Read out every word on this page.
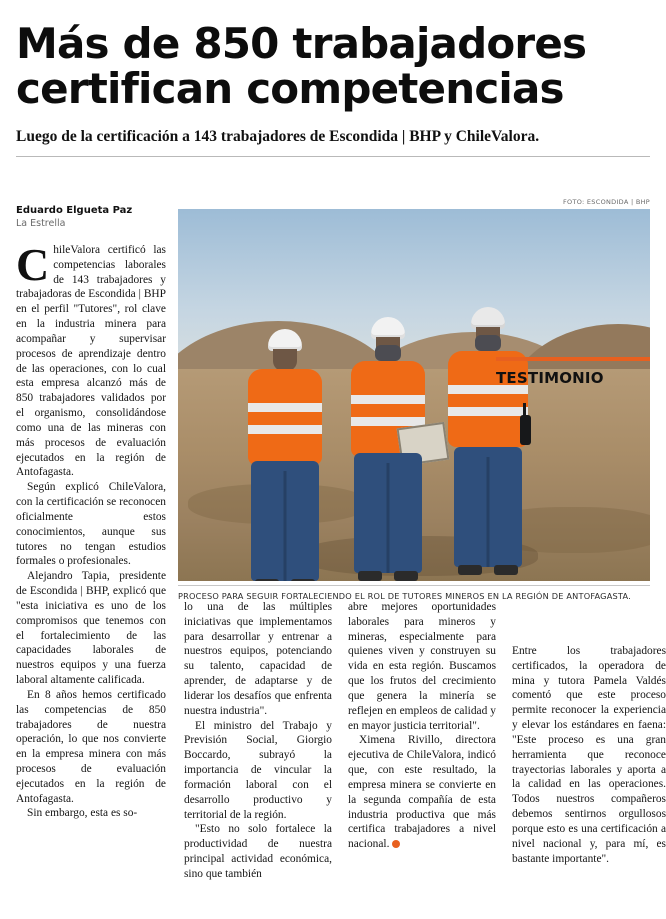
Más de 850 trabajadores
certifican competencias
Luego de la certificación a 143 trabajadores de Escondida | BHP y ChileValora.
Eduardo Elgueta Paz
La Estrella
FOTO: ESCONDIDA | BHP
PROCESO PARA SEGUIR FORTALECIENDO EL ROL DE TUTORES MINEROS EN LA REGIÓN DE ANTOFAGASTA.

ChileValora certificó las competencias laborales de 143 trabajadores y trabajadoras de Escondida | BHP en el perfil "Tutores", rol clave en la industria minera para acompañar y supervisar procesos de aprendizaje dentro de las operaciones, con lo cual esta empresa alcanzó más de 850 trabajadores validados por el organismo, consolidándose como una de las mineras con más procesos de evaluación ejecutados en la región de Antofagasta.

Según explicó ChileValora, con la certificación se reconocen oficialmente estos conocimientos, aunque sus tutores no tengan estudios formales o profesionales.

Alejandro Tapia, presidente de Escondida | BHP, explicó que "esta iniciativa es uno de los compromisos que tenemos con el fortalecimiento de las capacidades laborales de nuestros equipos y una fuerza laboral altamente calificada.

En 8 años hemos certificado las competencias de 850 trabajadores de nuestra operación, lo que nos convierte en la empresa minera con más procesos de evaluación ejecutados en la región de Antofagasta.

Sin embargo, esta es so-

lo una de las múltiples iniciativas que implementamos para desarrollar y entrenar a nuestros equipos, potenciando su talento, capacidad de aprender, de adaptarse y de liderar los desafíos que enfrenta nuestra industria".

El ministro del Trabajo y Previsión Social, Giorgio Boccardo, subrayó la importancia de vincular la formación laboral con el desarrollo productivo y territorial de la región.

"Esto no solo fortalece la productividad de nuestra principal actividad económica, sino que también

abre mejores oportunidades laborales para mineros y mineras, especialmente para quienes viven y construyen su vida en esta región. Buscamos que los frutos del crecimiento que genera la minería se reflejen en empleos de calidad y en mayor justicia territorial".

Ximena Rivillo, directora ejecutiva de ChileValora, indicó que, con este resultado, la empresa minera se convierte en la segunda compañía de esta industria productiva que más certifica trabajadores a nivel nacional.

Entre los trabajadores certificados, la operadora de mina y tutora Pamela Valdés comentó que este proceso permite reconocer la experiencia y elevar los estándares en faena: "Este proceso es una gran herramienta que reconoce trayectorias laborales y aporta a la calidad en las operaciones. Todos nuestros compañeros debemos sentirnos orgullosos porque esto es una certificación a nivel nacional y, para mí, es bastante importante".
TESTIMONIO
